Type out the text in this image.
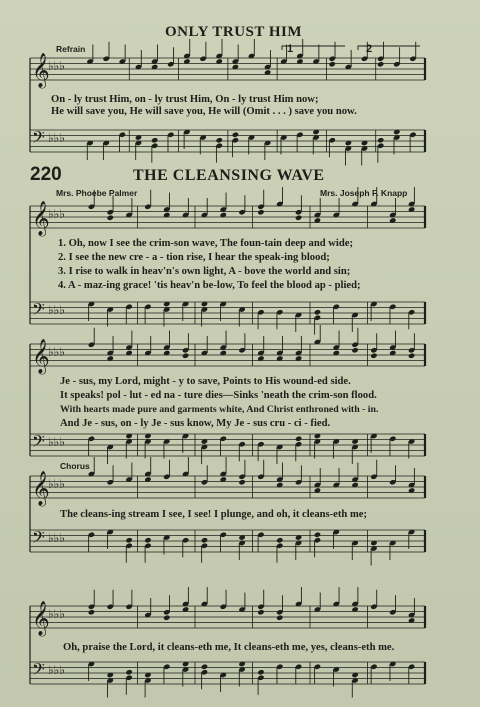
𝄞
♭♭♭
𝄢 ♭♭♭
𝄞
♭♭♭
𝄢 ♭♭♭
𝄞
♭♭♭
𝄢 ♭♭♭
𝄞
♭♭♭
𝄢 ♭♭♭
𝄞
♭♭♭
𝄢 ♭♭♭
ONLY TRUST HIM
Refrain	1	2
On - ly trust Him, on - ly trust Him, On - ly trust Him now;
He will save you, He will save you, He will (Omit . . . ) save you now.
220	THE CLEANSING WAVE
Mrs. Phoebe Palmer	Mrs. Joseph F. Knapp
1. Oh, now I see the crim-son wave, The foun-tain deep and wide;
2. I see the new cre - a - tion rise, I hear the speak-ing blood;
3. I rise to walk in heav'n's own light, A - bove the world and sin;
4. A - maz-ing grace! 'tis heav'n be-low, To feel the blood ap - plied;
Je - sus, my Lord, might - y to save, Points to His wound-ed side.
It speaks! pol - lut - ed na - ture dies—Sinks 'neath the crim-son flood.
With hearts made pure and garments white, And Christ enthroned with - in.
And Je - sus, on - ly Je - sus know, My Je - sus cru - ci - fied.
Chorus
The cleans-ing stream I see, I see! I plunge, and oh, it cleans-eth me;
Oh, praise the Lord, it cleans-eth me, It cleans-eth me, yes, cleans-eth me.
